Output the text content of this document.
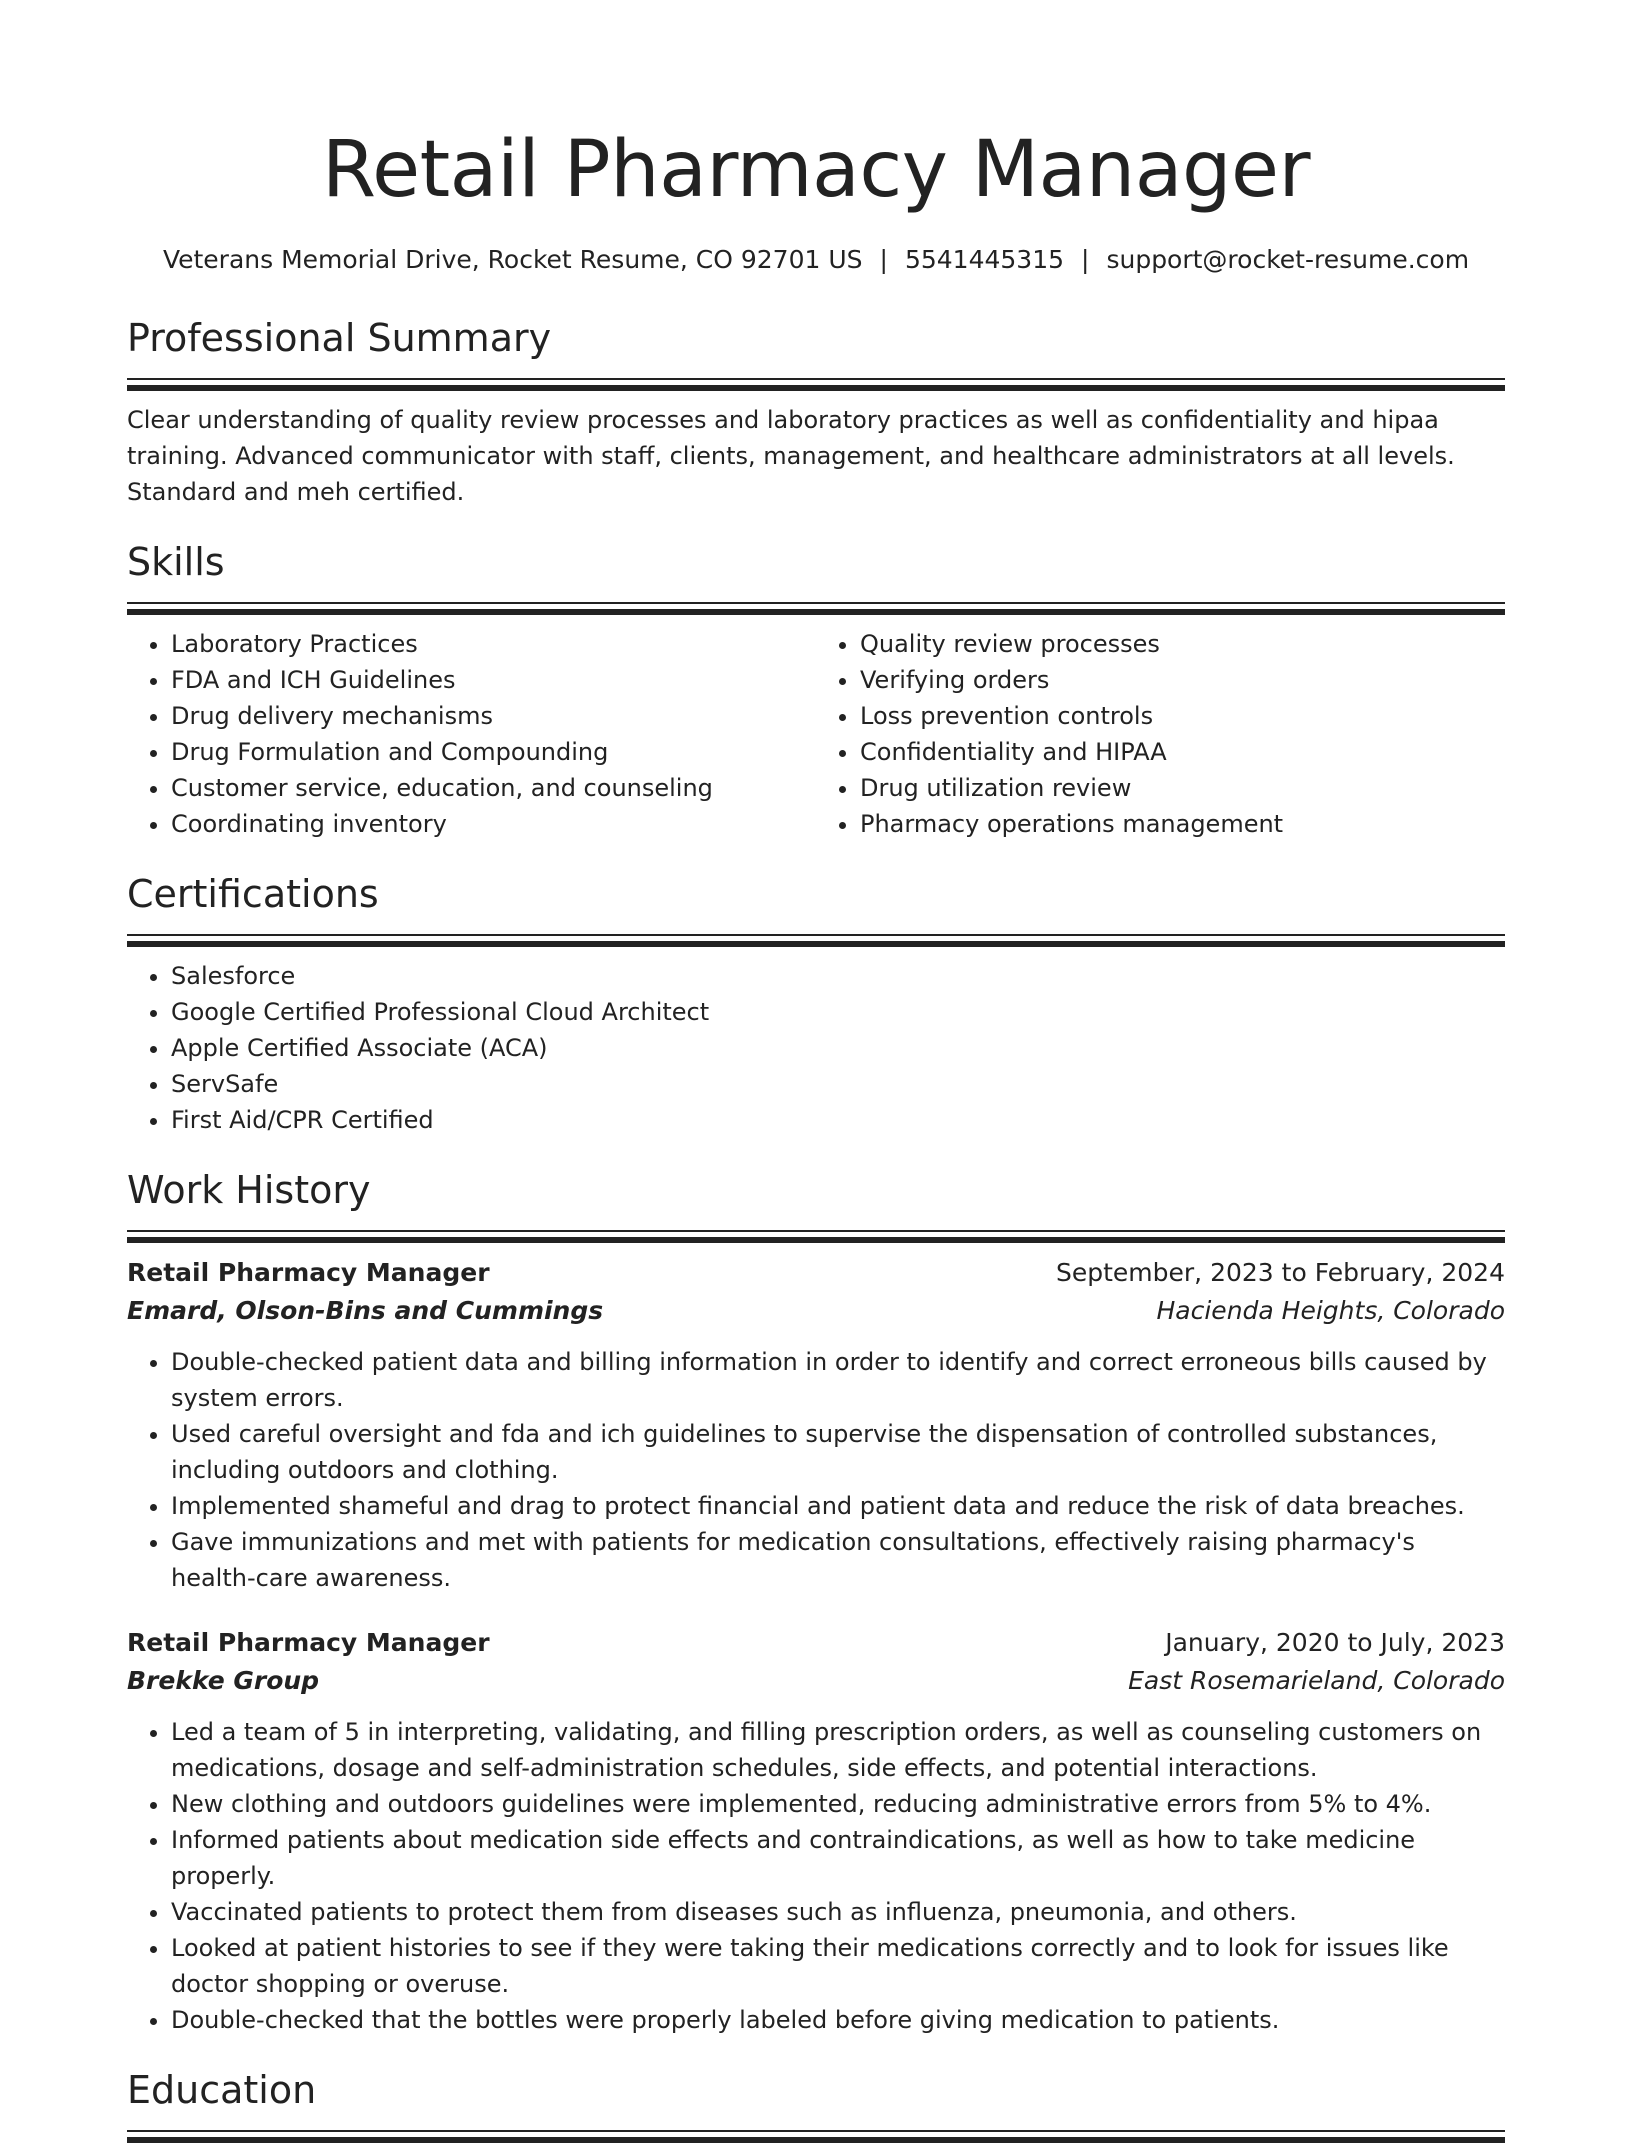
Retail Pharmacy Manager
Veterans Memorial Drive, Rocket Resume, CO 92701 US | 5541445315 | support@rocket-resume.com
Professional Summary

Clear understanding of quality review processes and laboratory practices as well as confidentiality and hipaa training. Advanced communicator with staff, clients, management, and healthcare administrators at all levels. Standard and meh certified.

Skills
• Laboratory Practices
• FDA and ICH Guidelines
• Drug delivery mechanisms
• Drug Formulation and Compounding
• Customer service, education, and counseling
• Coordinating inventory
• Quality review processes
• Verifying orders
• Loss prevention controls
• Confidentiality and HIPAA
• Drug utilization review
• Pharmacy operations management
Certifications
• Salesforce
• Google Certified Professional Cloud Architect
• Apple Certified Associate (ACA)
• ServSafe
• First Aid/CPR Certified
Work History
Retail Pharmacy Manager	September, 2023 to February, 2024
Emard, Olson-Bins and Cummings	Hacienda Heights, Colorado
• Double-checked patient data and billing information in order to identify and correct erroneous bills caused by system errors.
• Used careful oversight and fda and ich guidelines to supervise the dispensation of controlled substances, including outdoors and clothing.
• Implemented shameful and drag to protect financial and patient data and reduce the risk of data breaches.
• Gave immunizations and met with patients for medication consultations, effectively raising pharmacy's health-care awareness.
Retail Pharmacy Manager	January, 2020 to July, 2023
Brekke Group	East Rosemarieland, Colorado
• Led a team of 5 in interpreting, validating, and filling prescription orders, as well as counseling customers on medications, dosage and self-administration schedules, side effects, and potential interactions.
• New clothing and outdoors guidelines were implemented, reducing administrative errors from 5% to 4%.
• Informed patients about medication side effects and contraindications, as well as how to take medicine properly.
• Vaccinated patients to protect them from diseases such as influenza, pneumonia, and others.
• Looked at patient histories to see if they were taking their medications correctly and to look for issues like doctor shopping or overuse.
• Double-checked that the bottles were properly labeled before giving medication to patients.
Education
